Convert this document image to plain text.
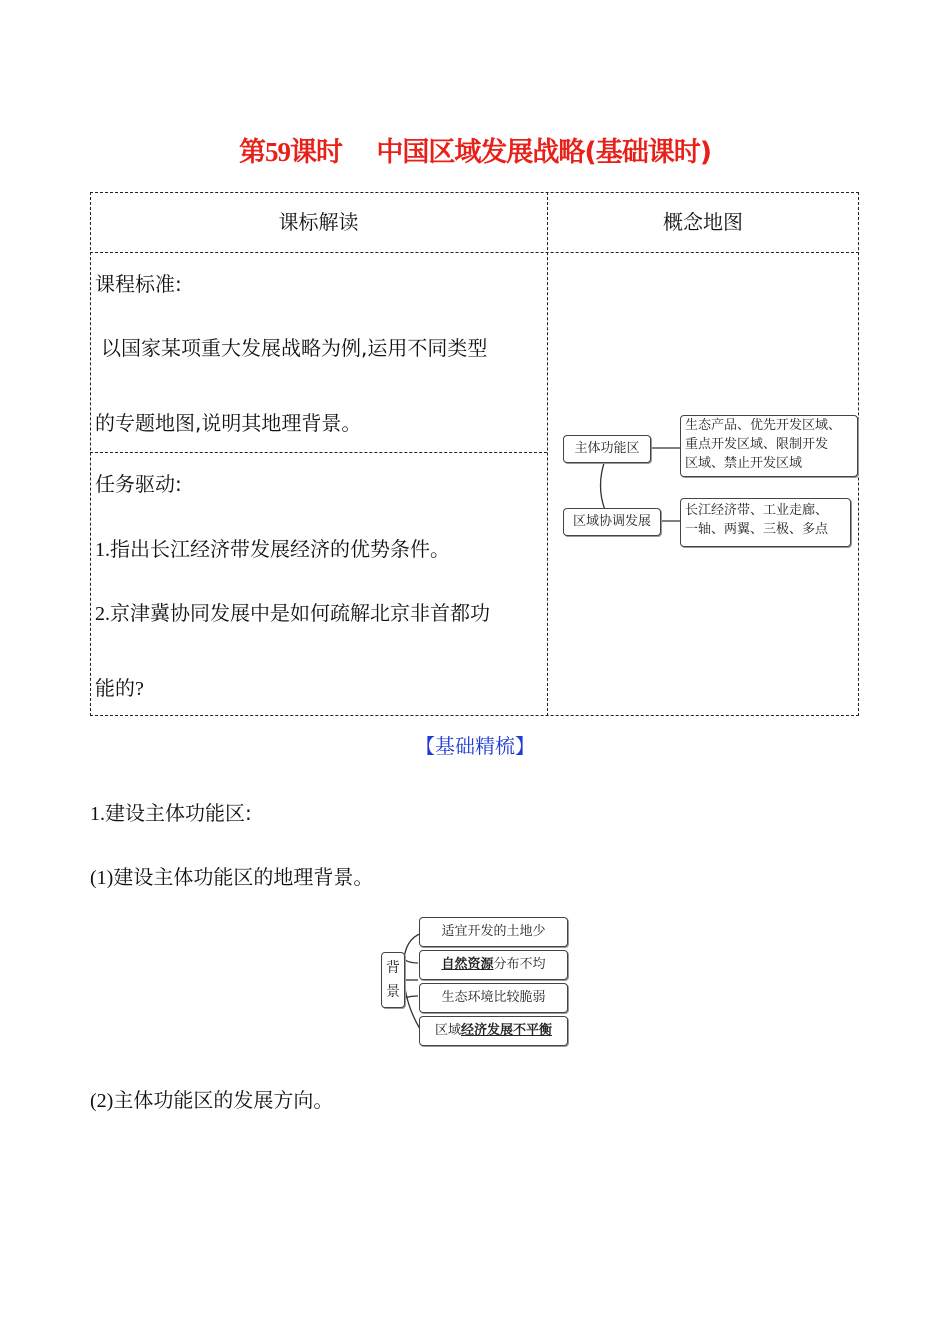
第59课时　 中国区域发展战略(基础课时)
课标解读	概念地图
课程标准:
以国家某项重大发展战略为例,运用不同类型
的专题地图,说明其地理背景。
任务驱动:
1.指出长江经济带发展经济的优势条件。
2.京津冀协同发展中是如何疏解北京非首都功
能的?
主体功能区
区域协调发展
生态产品、优先开发区域、
重点开发区域、限制开发
区域、禁止开发区域
长江经济带、工业走廊、
一轴、两翼、三极、多点
【基础精梳】
1.建设主体功能区:
(1)建设主体功能区的地理背景。
背
景
适宜开发的土地少
自然资源分布不均
生态环境比较脆弱
区域经济发展不平衡
(2)主体功能区的发展方向。
